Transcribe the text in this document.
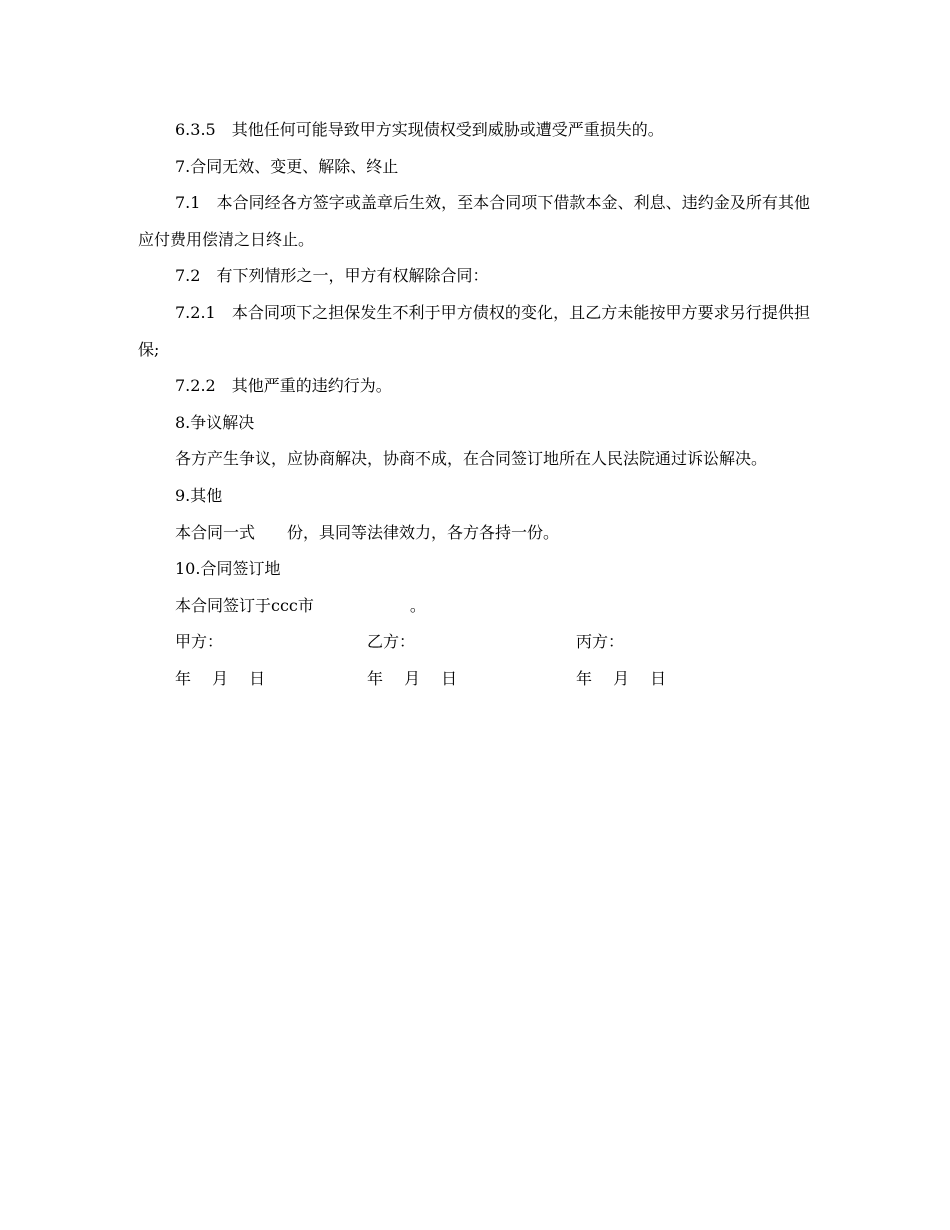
6.3.5　其他任何可能导致甲方实现债权受到威胁或遭受严重损失的。

7.合同无效、变更、解除、终止

7.1　本合同经各方签字或盖章后生效，至本合同项下借款本金、利息、违约金及所有其他应付费用偿清之日终止。

7.2　有下列情形之一，甲方有权解除合同：

7.2.1　本合同项下之担保发生不利于甲方债权的变化，且乙方未能按甲方要求另行提供担保;

7.2.2　其他严重的违约行为。

8.争议解决

各方产生争议，应协商解决，协商不成，在合同签订地所在人民法院通过诉讼解决。

9.其他

本合同一式　　份，具同等法律效力，各方各持一份。

10.合同签订地

本合同签订于ccc市　　　　　　。

甲方：	乙方：	丙方：
年　 月　 日	年　 月　 日	年　 月　 日
